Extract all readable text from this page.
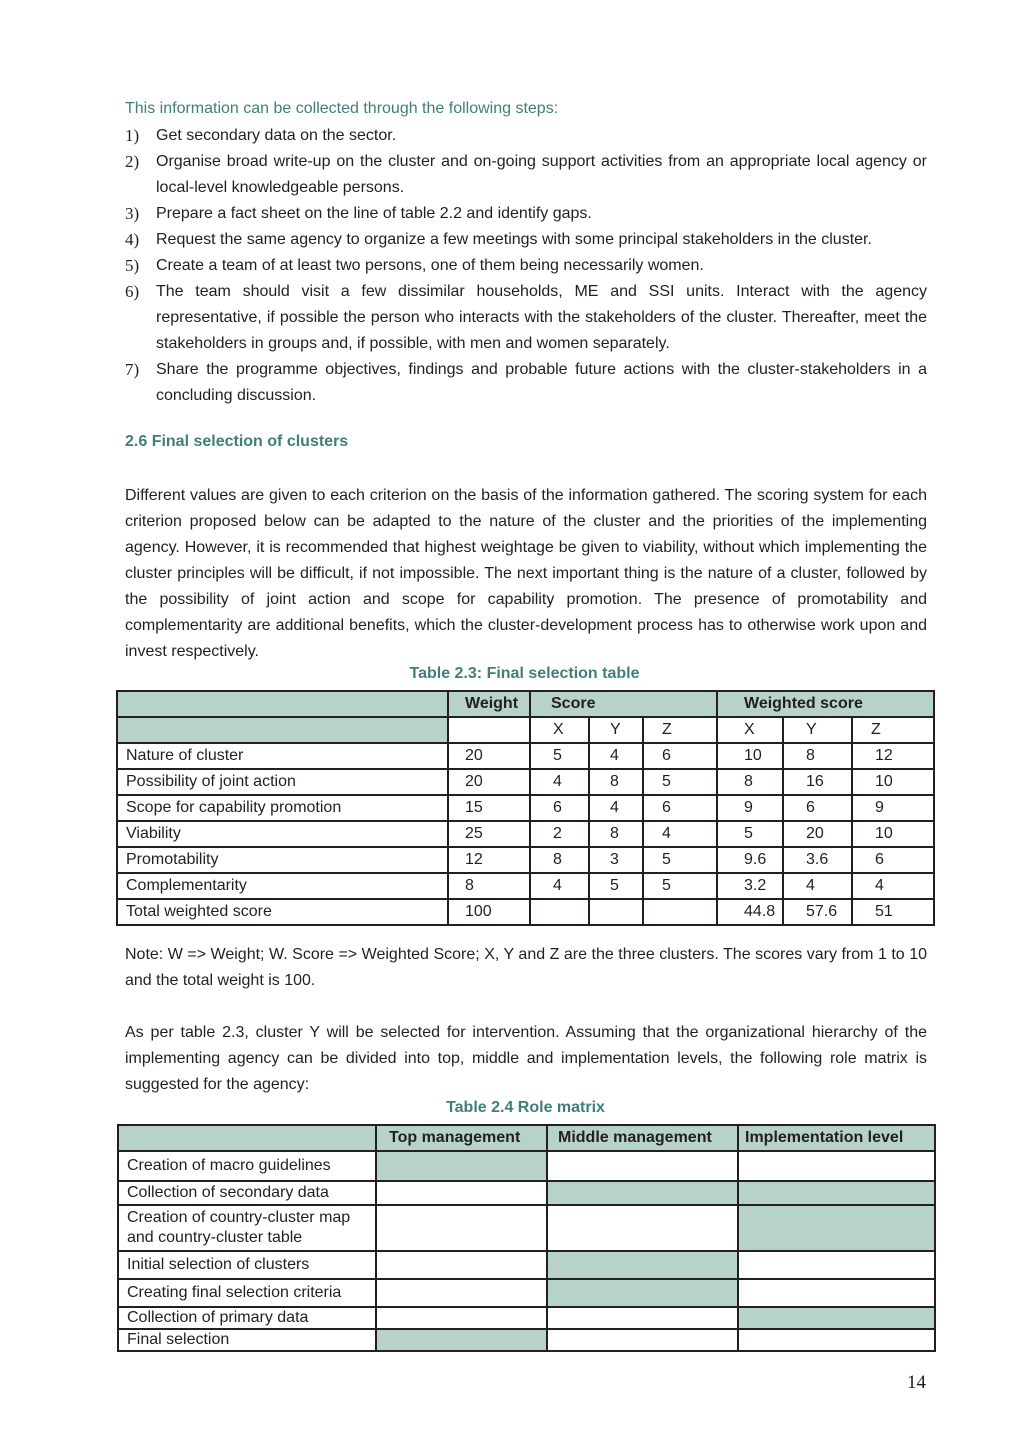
This information can be collected through the following steps:
1) Get secondary data on the sector.
2) Organise broad write-up on the cluster and on-going support activities from an appropriate local agency or local-level knowledgeable persons.
3) Prepare a fact sheet on the line of table 2.2 and identify gaps.
4) Request the same agency to organize a few meetings with some principal stakeholders in the cluster.
5) Create a team of at least two persons, one of them being necessarily women.
6) The team should visit a few dissimilar households, ME and SSI units. Interact with the agency representative, if possible the person who interacts with the stakeholders of the cluster. Thereafter, meet the stakeholders in groups and, if possible, with men and women separately.
7) Share the programme objectives, findings and probable future actions with the cluster-stakeholders in a concluding discussion.
2.6 Final selection of clusters

Different values are given to each criterion on the basis of the information gathered. The scoring system for each criterion proposed below can be adapted to the nature of the cluster and the priorities of the implementing agency. However, it is recommended that highest weightage be given to viability, without which implementing the cluster principles will be difficult, if not impossible. The next important thing is the nature of a cluster, followed by the possibility of joint action and scope for capability promotion. The presence of promotability and complementarity are additional benefits, which the cluster-development process has to otherwise work upon and invest respectively.

Table 2.3: Final selection table

	Weight	Score			Weighted score		
		X	Y	Z	X	Y	Z
Nature of cluster	20	5	4	6	10	8	12
Possibility of joint action	20	4	8	5	8	16	10
Scope for capability promotion	15	6	4	6	9	6	9
Viability	25	2	8	4	5	20	10
Promotability	12	8	3	5	9.6	3.6	6
Complementarity	8	4	5	5	3.2	4	4
Total weighted score	100				44.8	57.6	51

Note: W => Weight; W. Score => Weighted Score; X, Y and Z are the three clusters. The scores vary from 1 to 10 and the total weight is 100.

As per table 2.3, cluster Y will be selected for intervention. Assuming that the organizational hierarchy of the implementing agency can be divided into top, middle and implementation levels, the following role matrix is suggested for the agency:

Table 2.4 Role matrix

	Top management	Middle management	Implementation level
Creation of macro guidelines			
Collection of secondary data			
Creation of country-cluster map and country-cluster table			
Initial selection of clusters			
Creating final selection criteria			
Collection of primary data			
Final selection			
14
